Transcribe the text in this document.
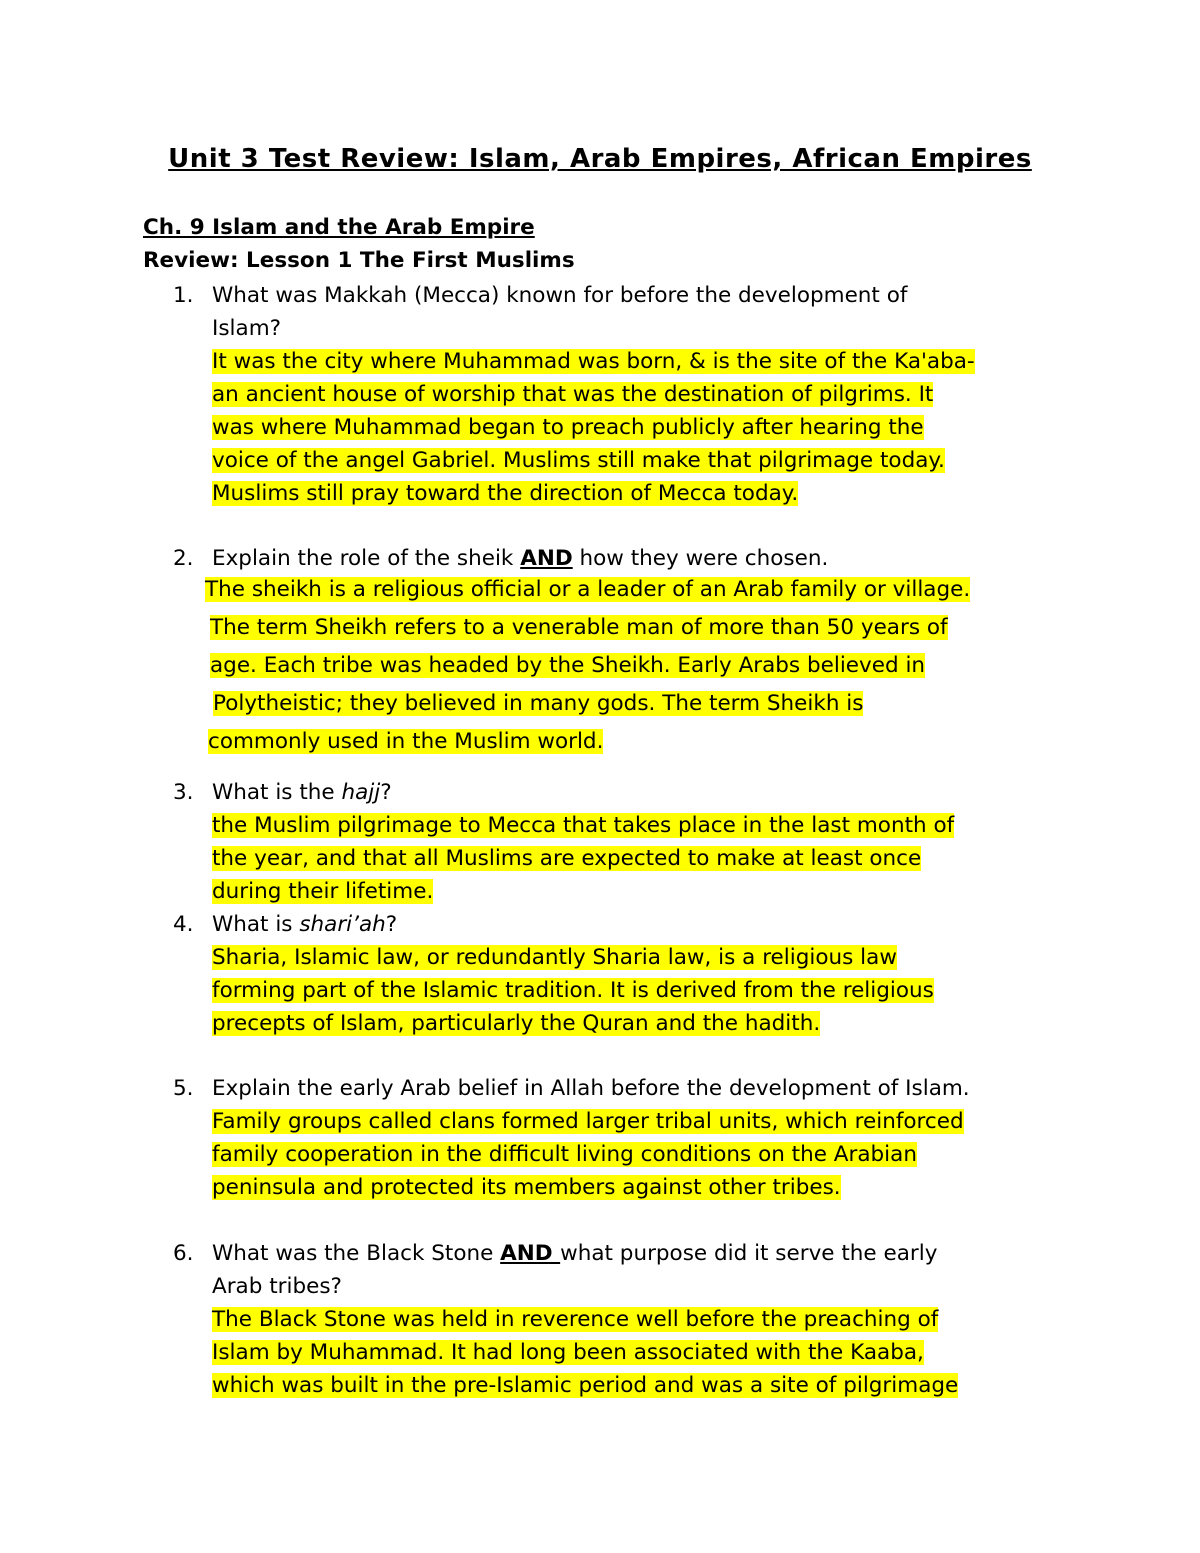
Unit 3 Test Review: Islam, Arab Empires, African Empires
Ch. 9 Islam and the Arab Empire
Review: Lesson 1 The First Muslims
1. What was Makkah (Mecca) known for before the development of
Islam?
It was the city where Muhammad was born, & is the site of the Ka'aba-
an ancient house of worship that was the destination of pilgrims. It
was where Muhammad began to preach publicly after hearing the
voice of the angel Gabriel. Muslims still make that pilgrimage today.
Muslims still pray toward the direction of Mecca today.
2. Explain the role of the sheik AND how they were chosen.
The sheikh is a religious official or a leader of an Arab family or village.
The term Sheikh refers to a venerable man of more than 50 years of
age. Each tribe was headed by the Sheikh. Early Arabs believed in
Polytheistic; they believed in many gods. The term Sheikh is
commonly used in the Muslim world.
3. What is the hajj?
the Muslim pilgrimage to Mecca that takes place in the last month of
the year, and that all Muslims are expected to make at least once
during their lifetime.
4. What is shari’ah?
Sharia, Islamic law, or redundantly Sharia law, is a religious law
forming part of the Islamic tradition. It is derived from the religious
precepts of Islam, particularly the Quran and the hadith.
5. Explain the early Arab belief in Allah before the development of Islam.
Family groups called clans formed larger tribal units, which reinforced
family cooperation in the difficult living conditions on the Arabian
peninsula and protected its members against other tribes.
6. What was the Black Stone AND what purpose did it serve the early
Arab tribes?
The Black Stone was held in reverence well before the preaching of
Islam by Muhammad. It had long been associated with the Kaaba,
which was built in the pre-Islamic period and was a site of pilgrimage
